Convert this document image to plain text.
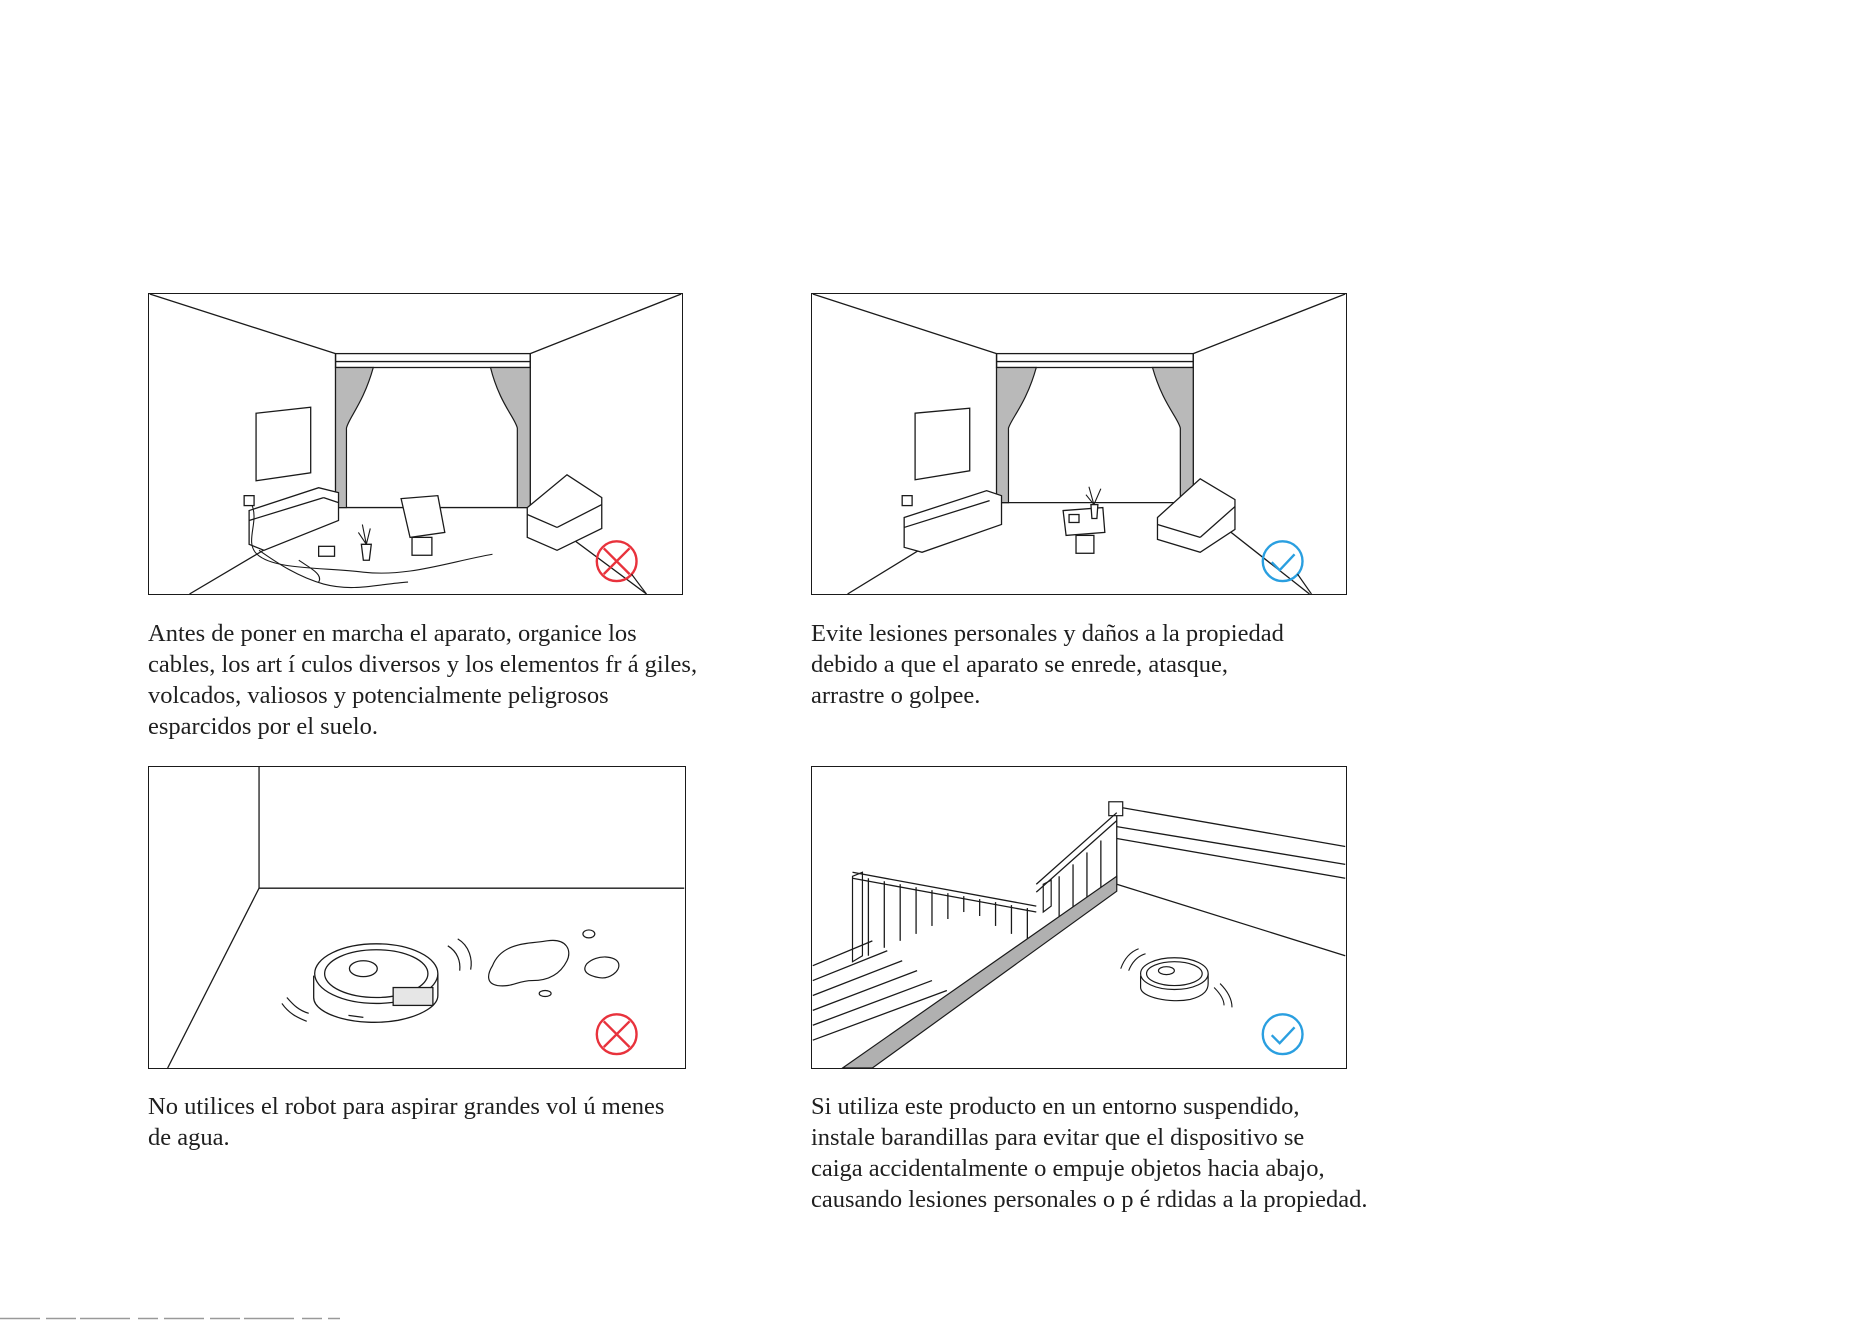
Antes de poner en marcha el aparato, organice los
cables, los art í culos diversos y los elementos fr á giles,
volcados, valiosos y potencialmente peligrosos
esparcidos por el suelo.
Evite lesiones personales y daños a la propiedad
debido a que el aparato se enrede, atasque,
arrastre o golpee.
No utilices el robot para aspirar grandes vol ú menes
de agua.
Si utiliza este producto en un entorno suspendido,
instale barandillas para evitar que el dispositivo se
caiga accidentalmente o empuje objetos hacia abajo,
causando lesiones personales o p é rdidas a la propiedad.
